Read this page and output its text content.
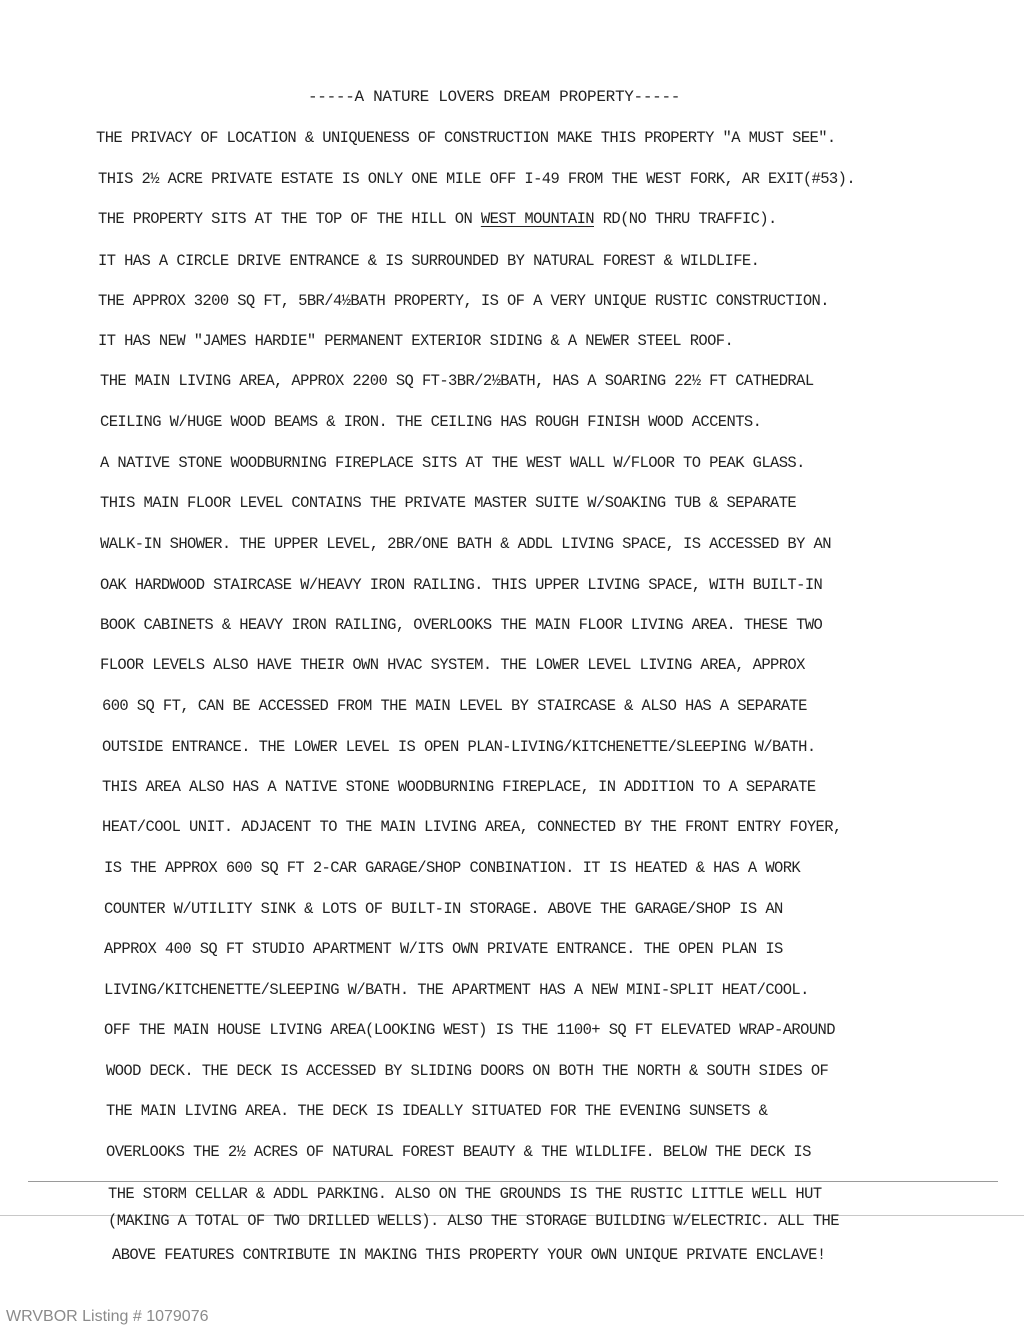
-----A NATURE LOVERS DREAM PROPERTY-----
THE PRIVACY OF LOCATION & UNIQUENESS OF CONSTRUCTION MAKE THIS PROPERTY "A MUST SEE".
THIS 2½ ACRE PRIVATE ESTATE IS ONLY ONE MILE OFF I-49 FROM THE WEST FORK, AR EXIT(#53).
THE PROPERTY SITS AT THE TOP OF THE HILL ON WEST MOUNTAIN RD(NO THRU TRAFFIC).
IT HAS A CIRCLE DRIVE ENTRANCE & IS SURROUNDED BY NATURAL FOREST & WILDLIFE.
THE APPROX 3200 SQ FT, 5BR/4½BATH PROPERTY, IS OF A VERY UNIQUE RUSTIC CONSTRUCTION.
IT HAS NEW "JAMES HARDIE" PERMANENT EXTERIOR SIDING & A NEWER STEEL ROOF.
THE MAIN LIVING AREA, APPROX 2200 SQ FT-3BR/2½BATH, HAS A SOARING 22½ FT CATHEDRAL
CEILING W/HUGE WOOD BEAMS & IRON. THE CEILING HAS ROUGH FINISH WOOD ACCENTS.
A NATIVE STONE WOODBURNING FIREPLACE SITS AT THE WEST WALL W/FLOOR TO PEAK GLASS.
THIS MAIN FLOOR LEVEL CONTAINS THE PRIVATE MASTER SUITE W/SOAKING TUB & SEPARATE
WALK-IN SHOWER. THE UPPER LEVEL, 2BR/ONE BATH & ADDL LIVING SPACE, IS ACCESSED BY AN
OAK HARDWOOD STAIRCASE W/HEAVY IRON RAILING. THIS UPPER LIVING SPACE, WITH BUILT-IN
BOOK CABINETS & HEAVY IRON RAILING, OVERLOOKS THE MAIN FLOOR LIVING AREA. THESE TWO
FLOOR LEVELS ALSO HAVE THEIR OWN HVAC SYSTEM. THE LOWER LEVEL LIVING AREA, APPROX
600 SQ FT, CAN BE ACCESSED FROM THE MAIN LEVEL BY STAIRCASE & ALSO HAS A SEPARATE
OUTSIDE ENTRANCE. THE LOWER LEVEL IS OPEN PLAN-LIVING/KITCHENETTE/SLEEPING W/BATH.
THIS AREA ALSO HAS A NATIVE STONE WOODBURNING FIREPLACE, IN ADDITION TO A SEPARATE
HEAT/COOL UNIT. ADJACENT TO THE MAIN LIVING AREA, CONNECTED BY THE FRONT ENTRY FOYER,
IS THE APPROX 600 SQ FT 2-CAR GARAGE/SHOP CONBINATION. IT IS HEATED & HAS A WORK
COUNTER W/UTILITY SINK & LOTS OF BUILT-IN STORAGE. ABOVE THE GARAGE/SHOP IS AN
APPROX 400 SQ FT STUDIO APARTMENT W/ITS OWN PRIVATE ENTRANCE. THE OPEN PLAN IS
LIVING/KITCHENETTE/SLEEPING W/BATH. THE APARTMENT HAS A NEW MINI-SPLIT HEAT/COOL.
OFF THE MAIN HOUSE LIVING AREA(LOOKING WEST) IS THE 1100+ SQ FT ELEVATED WRAP-AROUND
WOOD DECK. THE DECK IS ACCESSED BY SLIDING DOORS ON BOTH THE NORTH & SOUTH SIDES OF
THE MAIN LIVING AREA. THE DECK IS IDEALLY SITUATED FOR THE EVENING SUNSETS &
OVERLOOKS THE 2½ ACRES OF NATURAL FOREST BEAUTY & THE WILDLIFE. BELOW THE DECK IS
THE STORM CELLAR & ADDL PARKING. ALSO ON THE GROUNDS IS THE RUSTIC LITTLE WELL HUT
(MAKING A TOTAL OF TWO DRILLED WELLS). ALSO THE STORAGE BUILDING W/ELECTRIC. ALL THE
ABOVE FEATURES CONTRIBUTE IN MAKING THIS PROPERTY YOUR OWN UNIQUE PRIVATE ENCLAVE!
WRVBOR Listing # 1079076
